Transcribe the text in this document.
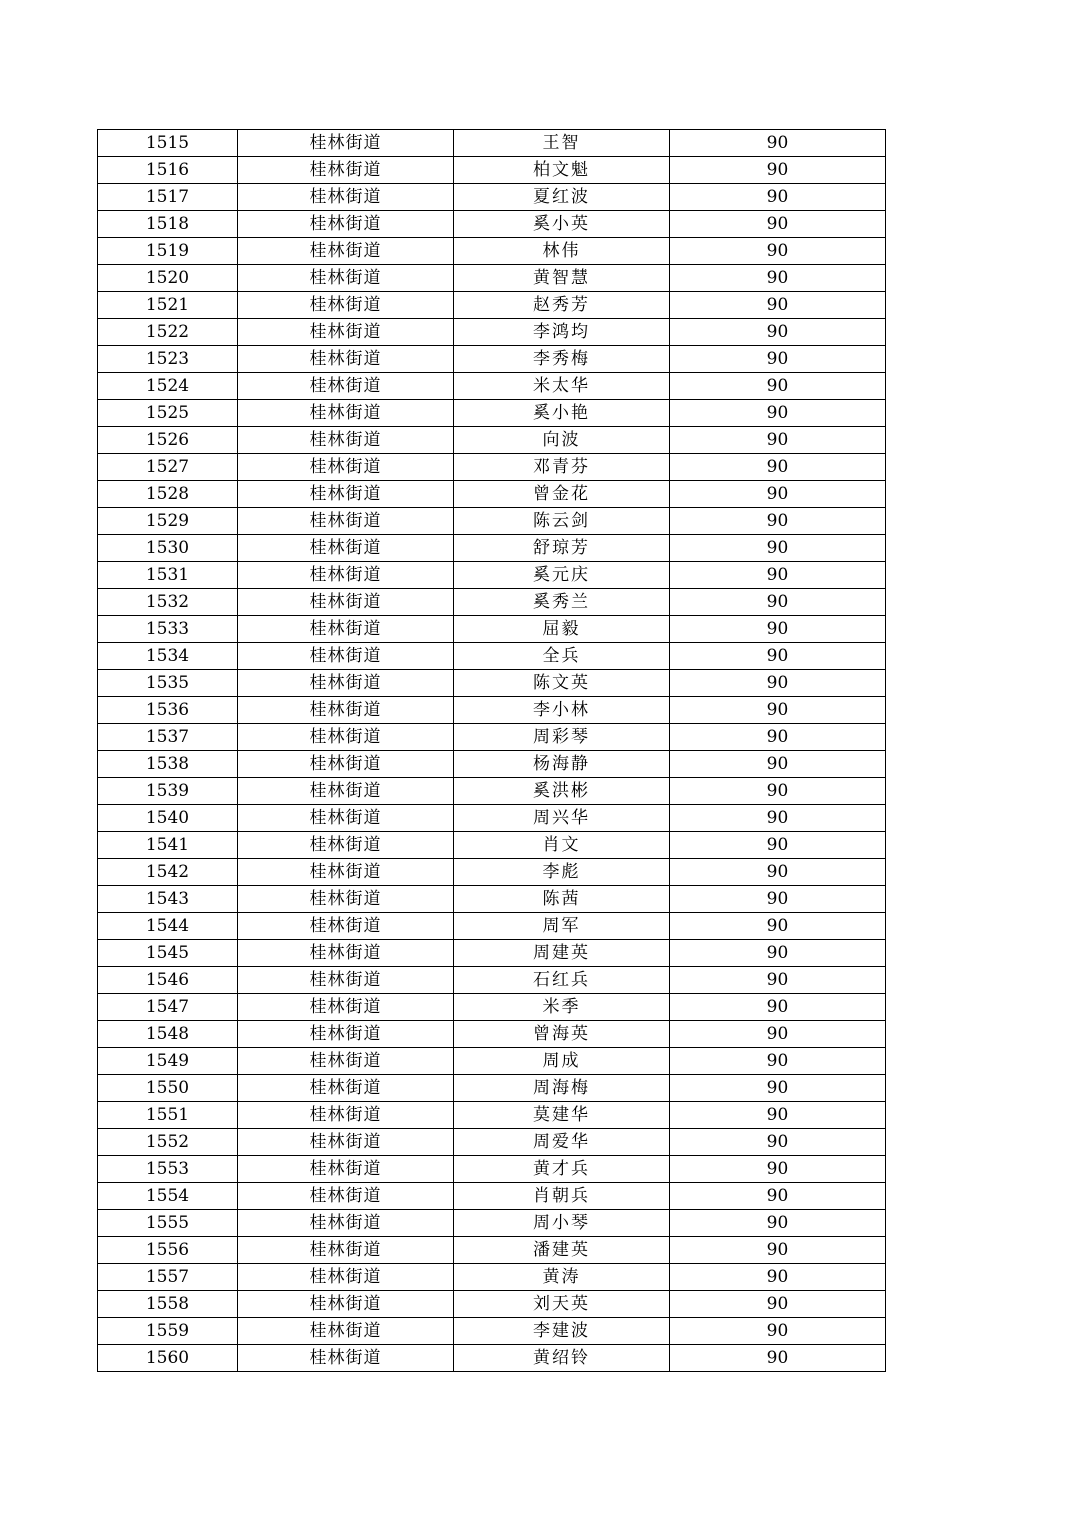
1515	桂林街道	王智	90
1516	桂林街道	柏文魁	90
1517	桂林街道	夏红波	90
1518	桂林街道	奚小英	90
1519	桂林街道	林伟	90
1520	桂林街道	黄智慧	90
1521	桂林街道	赵秀芳	90
1522	桂林街道	李鸿均	90
1523	桂林街道	李秀梅	90
1524	桂林街道	米太华	90
1525	桂林街道	奚小艳	90
1526	桂林街道	向波	90
1527	桂林街道	邓青芬	90
1528	桂林街道	曾金花	90
1529	桂林街道	陈云剑	90
1530	桂林街道	舒琼芳	90
1531	桂林街道	奚元庆	90
1532	桂林街道	奚秀兰	90
1533	桂林街道	屈毅	90
1534	桂林街道	全兵	90
1535	桂林街道	陈文英	90
1536	桂林街道	李小林	90
1537	桂林街道	周彩琴	90
1538	桂林街道	杨海静	90
1539	桂林街道	奚洪彬	90
1540	桂林街道	周兴华	90
1541	桂林街道	肖文	90
1542	桂林街道	李彪	90
1543	桂林街道	陈茜	90
1544	桂林街道	周军	90
1545	桂林街道	周建英	90
1546	桂林街道	石红兵	90
1547	桂林街道	米季	90
1548	桂林街道	曾海英	90
1549	桂林街道	周成	90
1550	桂林街道	周海梅	90
1551	桂林街道	莫建华	90
1552	桂林街道	周爱华	90
1553	桂林街道	黄才兵	90
1554	桂林街道	肖朝兵	90
1555	桂林街道	周小琴	90
1556	桂林街道	潘建英	90
1557	桂林街道	黄涛	90
1558	桂林街道	刘天英	90
1559	桂林街道	李建波	90
1560	桂林街道	黄绍铃	90
